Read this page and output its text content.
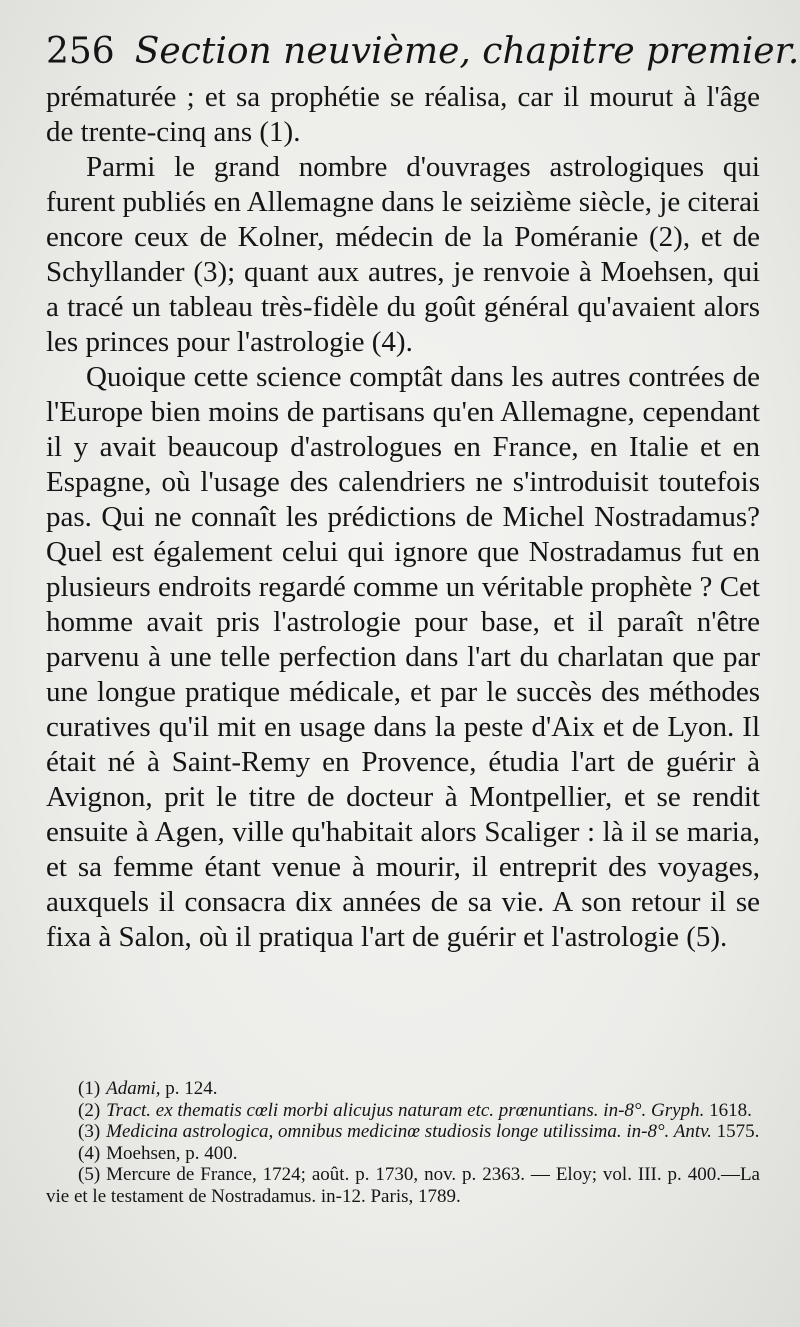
256 Section neuvième, chapitre premier.

prématurée ; et sa prophétie se réalisa, car il mourut à l'âge de trente-cinq ans (1).

Parmi le grand nombre d'ouvrages astrologiques qui furent publiés en Allemagne dans le seizième siècle, je citerai encore ceux de Kolner, médecin de la Poméranie (2), et de Schyllander (3); quant aux autres, je renvoie à Moehsen, qui a tracé un tableau très-fidèle du goût général qu'avaient alors les princes pour l'astrologie (4).

Quoique cette science comptât dans les autres contrées de l'Europe bien moins de partisans qu'en Allemagne, cependant il y avait beaucoup d'astrologues en France, en Italie et en Espagne, où l'usage des calendriers ne s'introduisit toutefois pas. Qui ne connaît les prédictions de Michel Nostradamus? Quel est également celui qui ignore que Nostradamus fut en plusieurs endroits regardé comme un véritable prophète ? Cet homme avait pris l'astrologie pour base, et il paraît n'être parvenu à une telle perfection dans l'art du charlatan que par une longue pratique médicale, et par le succès des méthodes curatives qu'il mit en usage dans la peste d'Aix et de Lyon. Il était né à Saint-Remy en Provence, étudia l'art de guérir à Avignon, prit le titre de docteur à Montpellier, et se rendit ensuite à Agen, ville qu'habitait alors Scaliger : là il se maria, et sa femme étant venue à mourir, il entreprit des voyages, auxquels il consacra dix années de sa vie. A son retour il se fixa à Salon, où il pratiqua l'art de guérir et l'astrologie (5).

(1) Adami, p. 124.

(2) Tract. ex thematis cœli morbi alicujus naturam etc. prœnuntians. in-8°. Gryph. 1618.

(3) Medicina astrologica, omnibus medicinœ studiosis longe utilissima. in-8°. Antv. 1575.

(4) Moehsen, p. 400.

(5) Mercure de France, 1724; août. p. 1730, nov. p. 2363. — Eloy; vol. III. p. 400.—La vie et le testament de Nostradamus. in-12. Paris, 1789.
